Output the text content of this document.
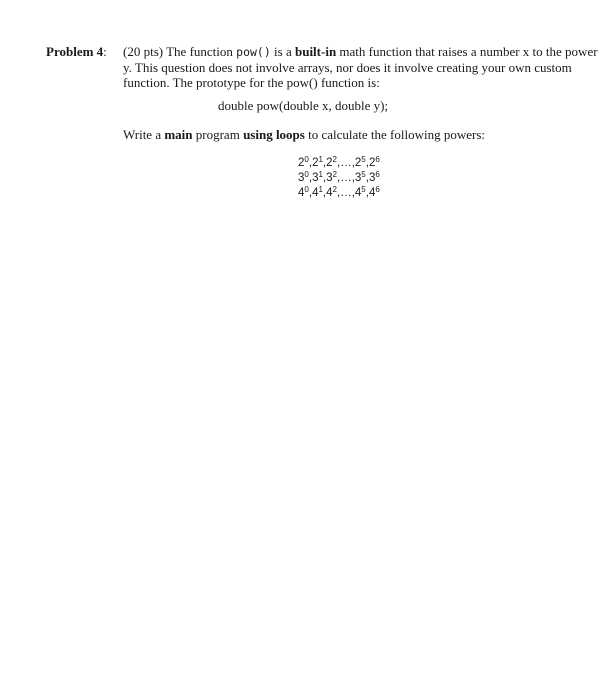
Problem 4: (20 pts) The function pow() is a built-in math function that raises a number x to the power
y. This question does not involve arrays, nor does it involve creating your own custom
function. The prototype for the pow() function is:
double pow(double x, double y);
Write a main program using loops to calculate the following powers:
$2^0,2^1,2^2,\dots,2^5,2^6$
$3^0,3^1,3^2,\dots,3^5,3^6$
$4^0,4^1,4^2,\dots,4^5,4^6$
